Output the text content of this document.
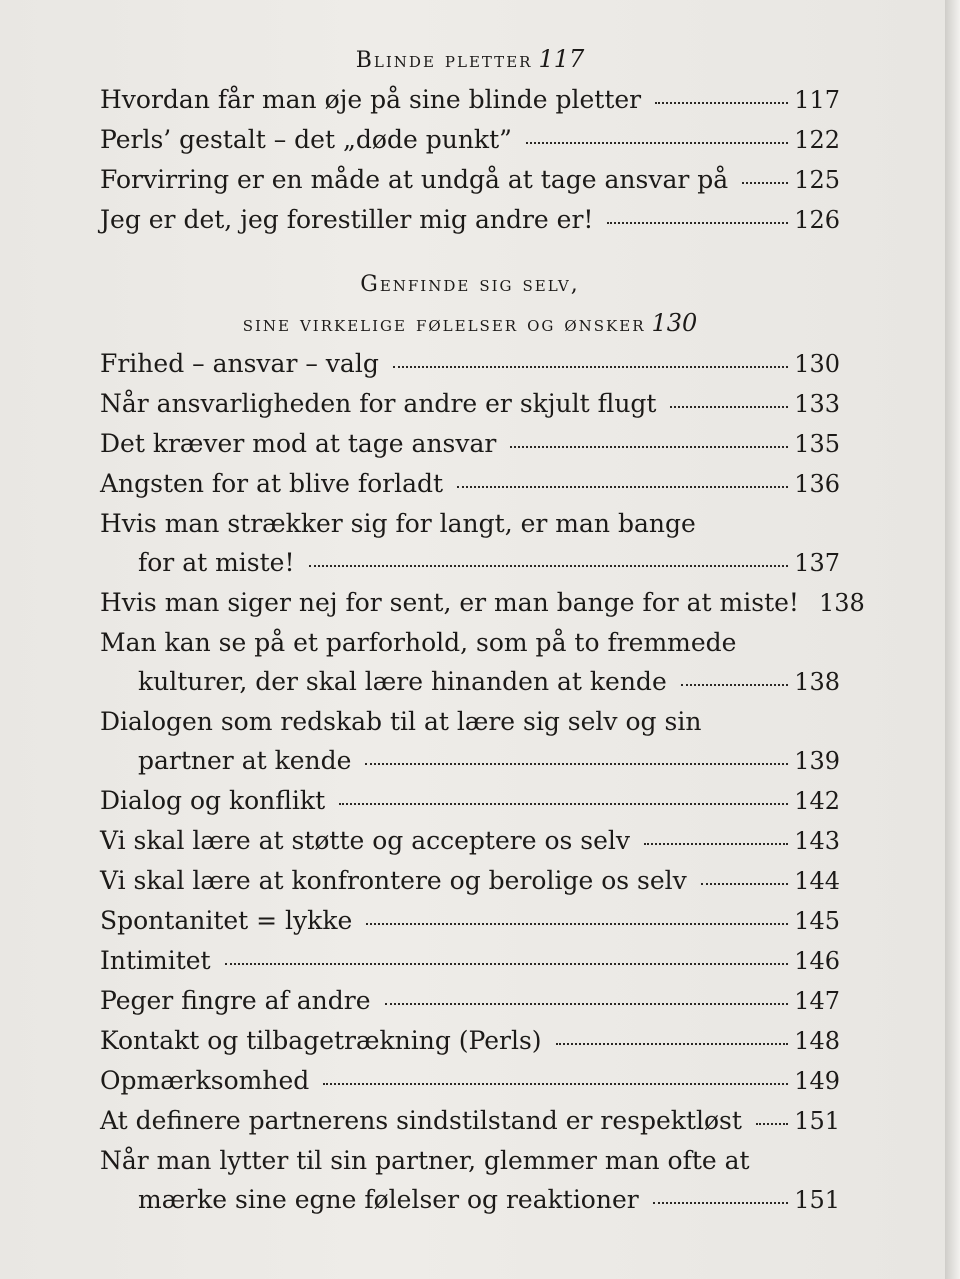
Blinde pletter 117
Hvordan får man øje på sine blinde pletter	117
Perls’ gestalt – det „døde punkt”	122
Forvirring er en måde at undgå at tage ansvar på	125
Jeg er det, jeg forestiller mig andre er!	126
Genfinde sig selv,
sine virkelige følelser og ønsker 130
Frihed – ansvar – valg	130
Når ansvarligheden for andre er skjult flugt	133
Det kræver mod at tage ansvar	135
Angsten for at blive forladt	136
Hvis man strækker sig for langt, er man bange
for at miste!	137
Hvis man siger nej for sent, er man bange for at miste! 138
Man kan se på et parforhold, som på to fremmede
kulturer, der skal lære hinanden at kende	138
Dialogen som redskab til at lære sig selv og sin
partner at kende	139
Dialog og konflikt	142
Vi skal lære at støtte og acceptere os selv	143
Vi skal lære at konfrontere og berolige os selv	144
Spontanitet = lykke	145
Intimitet	146
Peger fingre af andre	147
Kontakt og tilbagetrækning (Perls)	148
Opmærksomhed	149
At definere partnerens sindstilstand er respektløst 151
Når man lytter til sin partner, glemmer man ofte at
mærke sine egne følelser og reaktioner	151
